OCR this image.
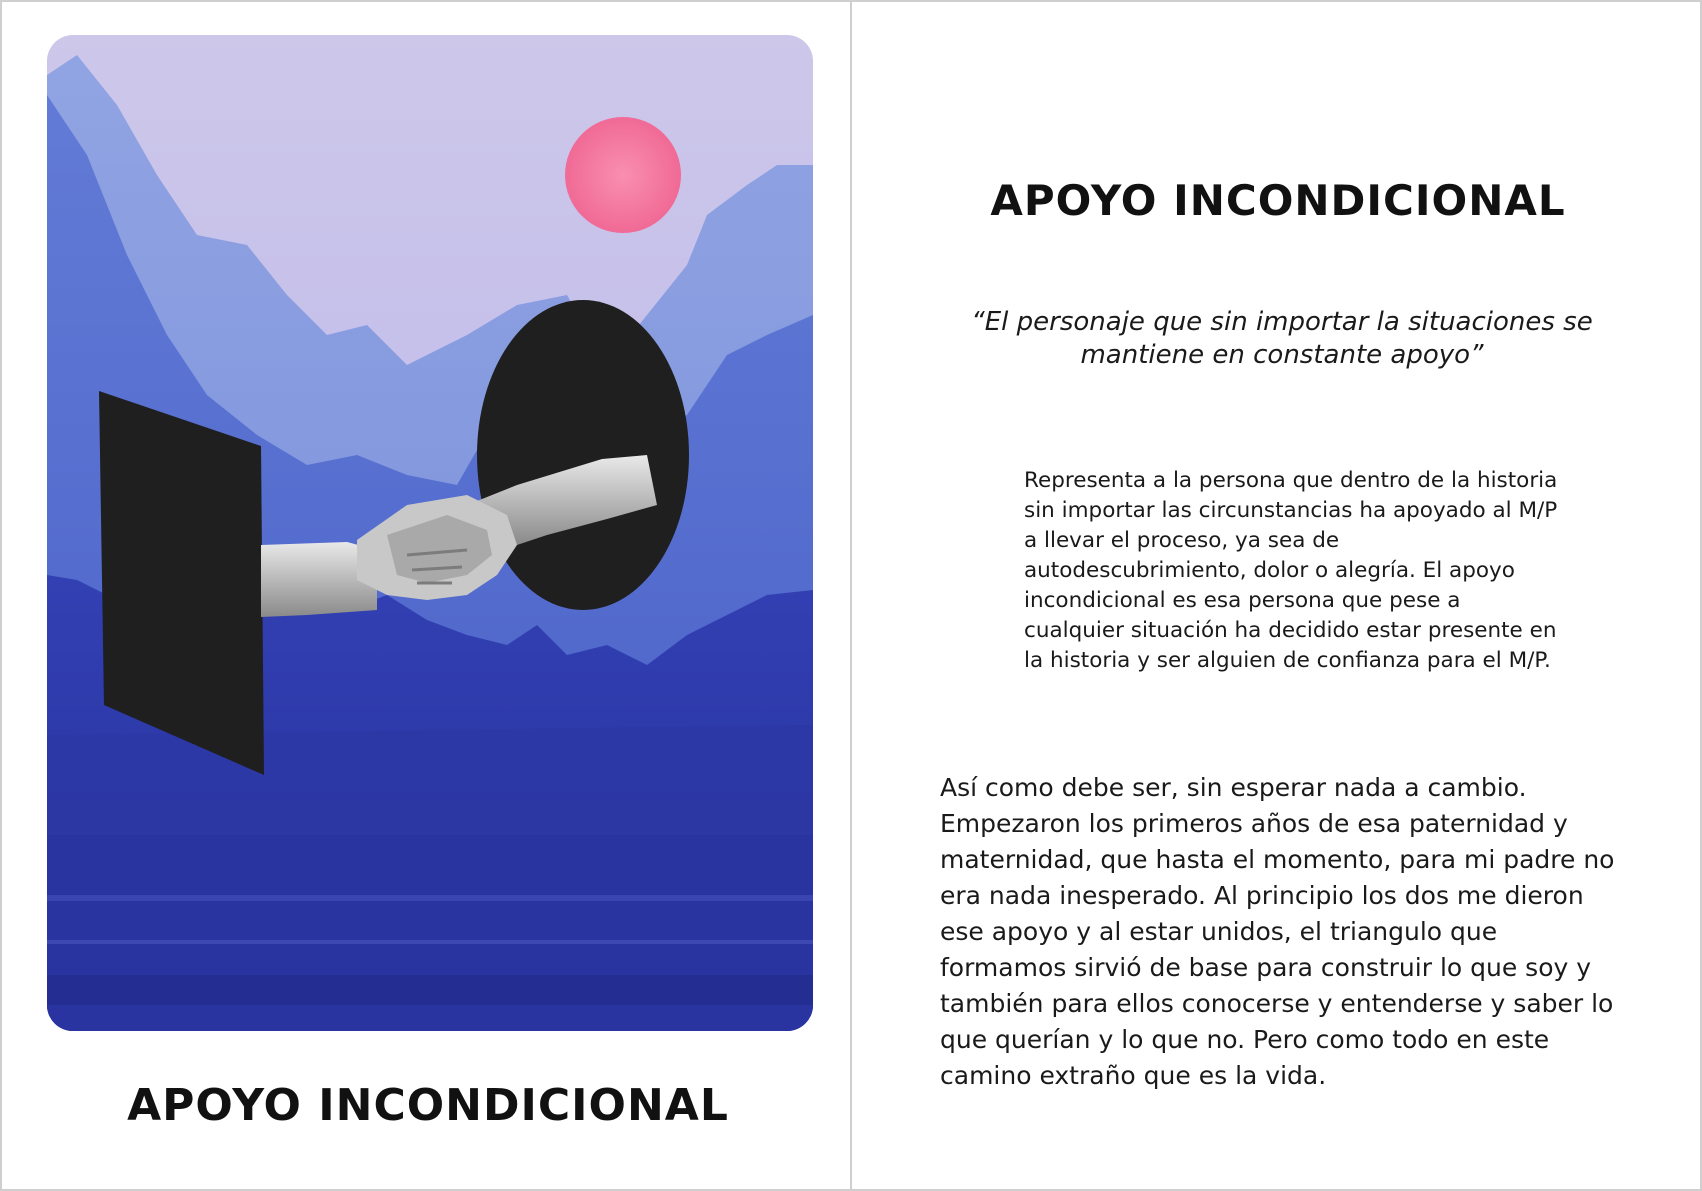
APOYO INCONDICIONAL
APOYO INCONDICIONAL
“El personaje que sin importar la situaciones se mantiene en constante apoyo”
Representa a la persona que dentro de la historia sin importar las circunstancias ha apoyado al M/P a llevar el proceso, ya sea de autodescubrimiento, dolor o alegría. El apoyo incondicional es esa persona que pese a cualquier situación ha decidido estar presente en la historia y ser alguien de confianza para el M/P.
Así como debe ser, sin esperar nada a cambio. Empezaron los primeros años de esa paternidad y maternidad, que hasta el momento, para mi padre no era nada inesperado. Al principio los dos me dieron ese apoyo y al estar unidos, el triangulo que formamos sirvió de base para construir lo que soy y también para ellos conocerse y entenderse y saber lo que querían y lo que no. Pero como todo en este camino extraño que es la vida.
